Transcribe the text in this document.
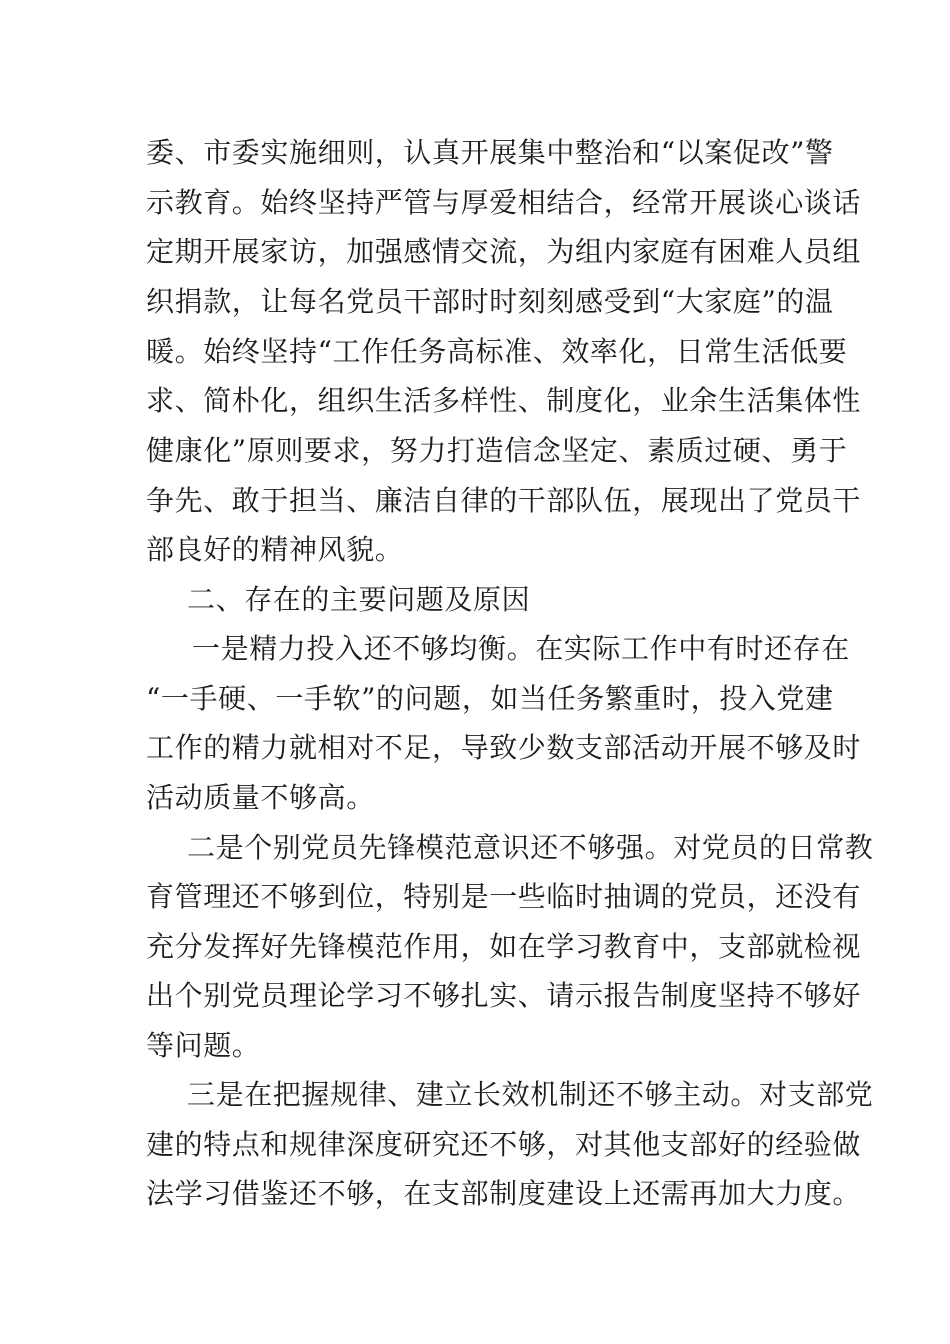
委、市委实施细则，认真开展集中整治和“以案促改”警
示教育。始终坚持严管与厚爱相结合，经常开展谈心谈话
定期开展家访，加强感情交流，为组内家庭有困难人员组
织捐款，让每名党员干部时时刻刻感受到“大家庭”的温
暖。始终坚持“工作任务高标准、效率化，日常生活低要
求、简朴化，组织生活多样性、制度化，业余生活集体性
健康化”原则要求，努力打造信念坚定、素质过硬、勇于
争先、敢于担当、廉洁自律的干部队伍，展现出了党员干
部良好的精神风貌。
二、存在的主要问题及原因
一是精力投入还不够均衡。在实际工作中有时还存在
“一手硬、一手软”的问题，如当任务繁重时，投入党建
工作的精力就相对不足，导致少数支部活动开展不够及时
活动质量不够高。
二是个别党员先锋模范意识还不够强。对党员的日常教
育管理还不够到位，特别是一些临时抽调的党员，还没有
充分发挥好先锋模范作用，如在学习教育中，支部就检视
出个别党员理论学习不够扎实、请示报告制度坚持不够好
等问题。
三是在把握规律、建立长效机制还不够主动。对支部党
建的特点和规律深度研究还不够，对其他支部好的经验做
法学习借鉴还不够，在支部制度建设上还需再加大力度。
